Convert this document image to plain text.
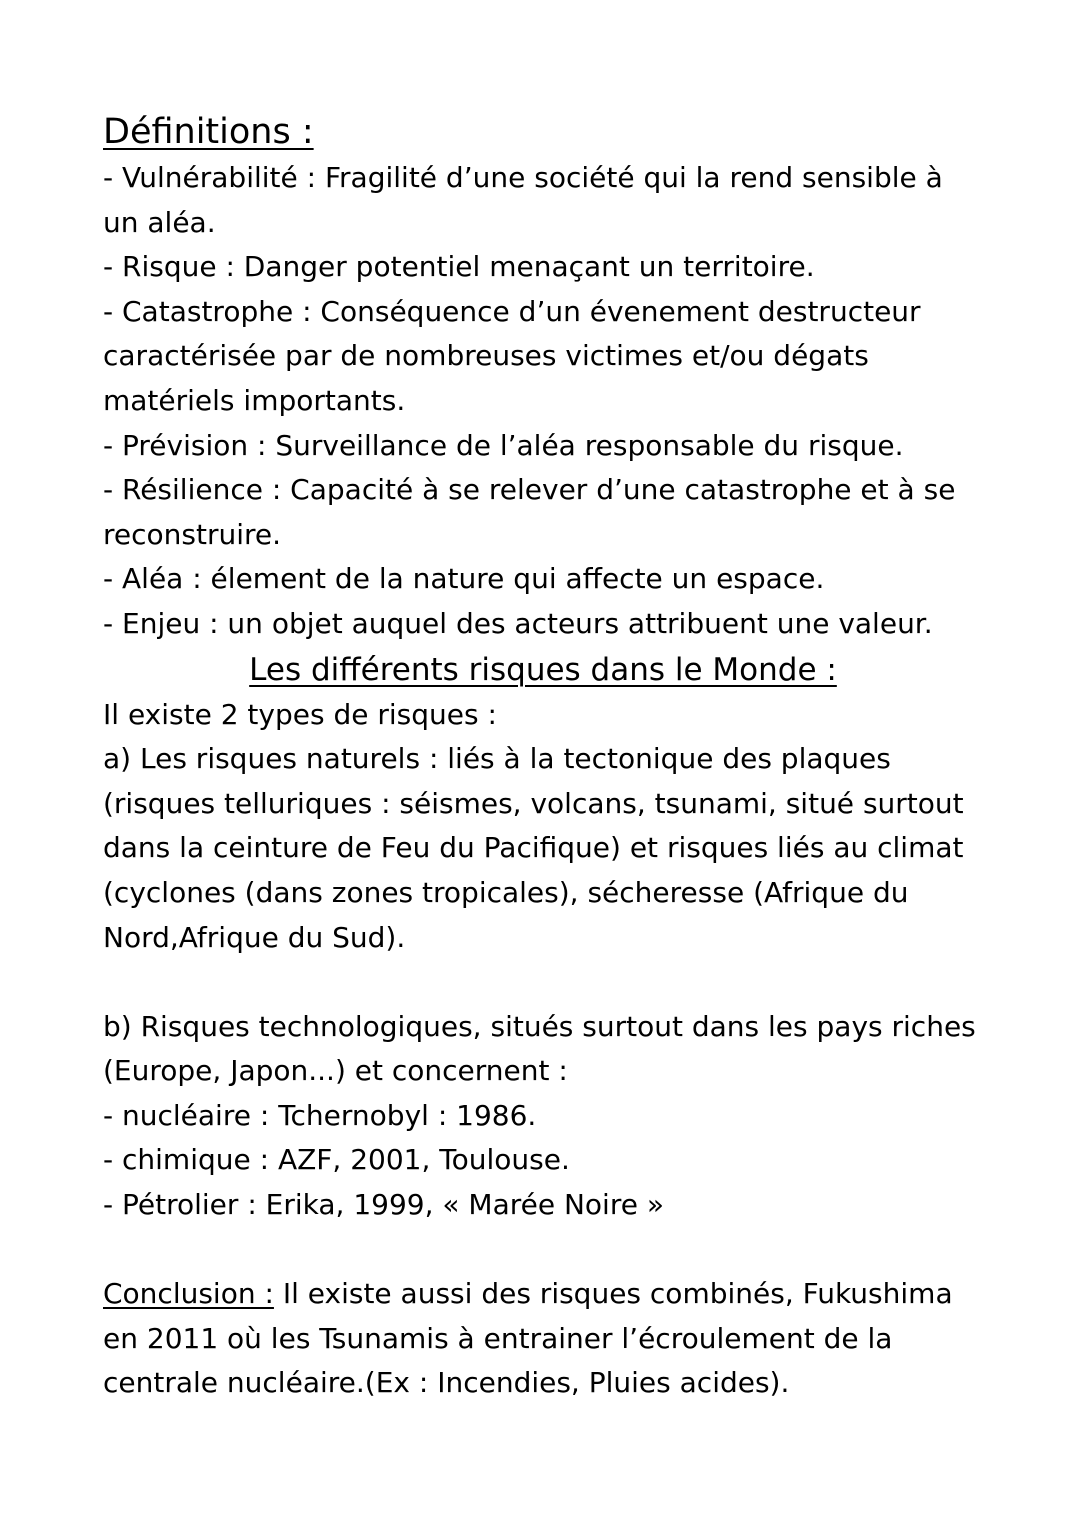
Définitions :

- Vulnérabilité : Fragilité d’une société qui la rend sensible à un aléa.

- Risque : Danger potentiel menaçant un territoire.

- Catastrophe : Conséquence d’un évenement destructeur caractérisée par de nombreuses victimes et/ou dégats matériels importants.

- Prévision : Surveillance de l’aléa responsable du risque.

- Résilience : Capacité à se relever d’une catastrophe et à se reconstruire.

- Aléa : élement de la nature qui affecte un espace.

- Enjeu : un objet auquel des acteurs attribuent une valeur.

Les différents risques dans le Monde :

Il existe 2 types de risques :

a) Les risques naturels : liés à la tectonique des plaques (risques telluriques : séismes, volcans, tsunami, situé surtout dans la ceinture de Feu du Pacifique) et risques liés au climat (cyclones (dans zones tropicales), sécheresse (Afrique du Nord,Afrique du Sud).

b) Risques technologiques, situés surtout dans les pays riches (Europe, Japon...) et concernent :

- nucléaire : Tchernobyl : 1986.

- chimique : AZF, 2001, Toulouse.

- Pétrolier : Erika, 1999, « Marée Noire »

Conclusion : Il existe aussi des risques combinés, Fukushima en 2011 où les Tsunamis à entrainer l’écroulement de la centrale nucléaire.(Ex : Incendies, Pluies acides).
